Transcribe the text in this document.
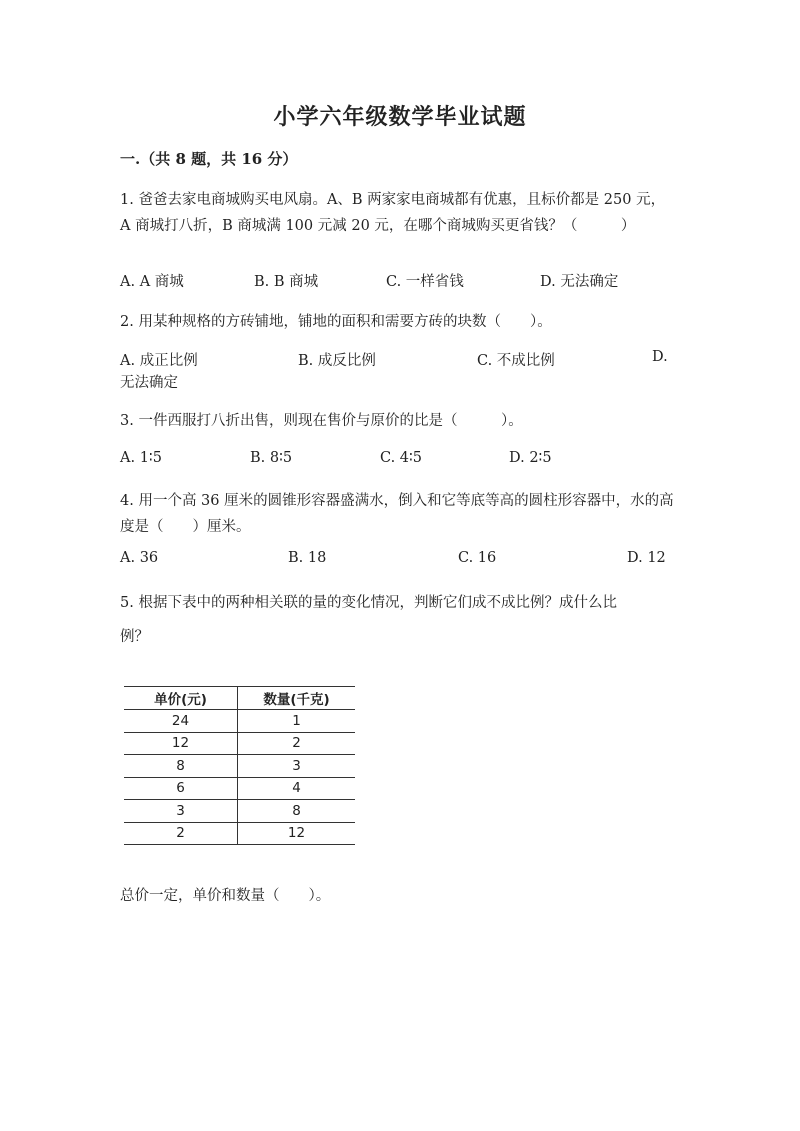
小学六年级数学毕业试题
一.（共 8 题，共 16 分）
1. 爸爸去家电商城购买电风扇。A、B 两家家电商城都有优惠，且标价都是 250 元，A 商城打八折，B 商城满 100 元减 20 元，在哪个商城购买更省钱？（　　　）
A. A 商城	B. B 商城	C. 一样省钱	D. 无法确定
2. 用某种规格的方砖铺地，铺地的面积和需要方砖的块数（　　）。
A. 成正比例	B. 成反比例	C. 不成比例	D.
无法确定
3. 一件西服打八折出售，则现在售价与原价的比是（　　　）。
A. 1∶5	B. 8∶5	C. 4∶5	D. 2∶5
4. 用一个高 36 厘米的圆锥形容器盛满水，倒入和它等底等高的圆柱形容器中，水的高度是（　　）厘米。
A. 36	B. 18	C. 16	D. 12
5. 根据下表中的两种相关联的量的变化情况，判断它们成不成比例？成什么比
例？
单价(元)	数量(千克)
24	1
12	2
8	3
6	4
3	8
2	12
总价一定，单价和数量（　　）。
